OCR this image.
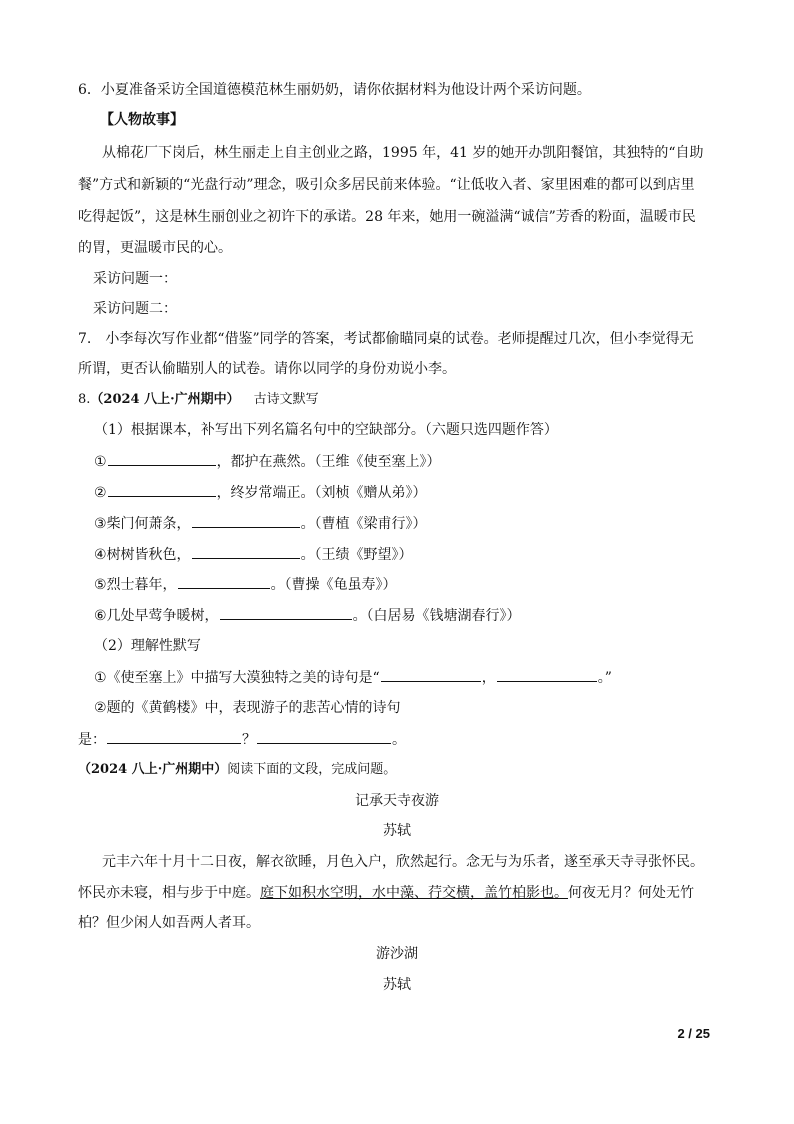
6．小夏准备采访全国道德模范林生丽奶奶，请你依据材料为他设计两个采访问题。
【人物故事】
从棉花厂下岗后，林生丽走上自主创业之路，1995 年，41 岁的她开办凯阳餐馆，其独特的“自助
餐”方式和新颖的“光盘行动”理念，吸引众多居民前来体验。“让低收入者、家里困难的都可以到店里
吃得起饭”，这是林生丽创业之初许下的承诺。28 年来，她用一碗溢满“诚信”芳香的粉面，温暖市民
的胃，更温暖市民的心。
采访问题一：
采访问题二：
7.　小李每次写作业都“借鉴”同学的答案，考试都偷瞄同桌的试卷。老师提醒过几次，但小李觉得无
所谓，更否认偷瞄别人的试卷。请你以同学的身份劝说小李。
8.（2024 八上·广州期中） 古诗文默写
（1）根据课本，补写出下列名篇名句中的空缺部分。（六题只选四题作答）
①	，都护在燕然。（王维《使至塞上》）
②	，终岁常端正。（刘桢《赠从弟》）
③柴门何萧条，	。（曹植《梁甫行》）
④树树皆秋色，	。（王绩《野望》）
⑤烈士暮年，	。（曹操《龟虽寿》）
⑥几处早莺争暖树，	。（白居易《钱塘湖春行》）
（2）理解性默写
①《使至塞上》中描写大漠独特之美的诗句是“	，	。”
②题的《黄鹤楼》中，表现游子的悲苦心情的诗句
是：	？	。
（2024 八上·广州期中）阅读下面的文段，完成问题。
记承天寺夜游
苏轼
元丰六年十月十二日夜，解衣欲睡，月色入户，欣然起行。念无与为乐者，遂至承天寺寻张怀民。
怀民亦未寝，相与步于中庭。庭下如积水空明，水中藻、荇交横，盖竹柏影也。何夜无月？何处无竹
柏？但少闲人如吾两人者耳。
游沙湖
苏轼
2 / 25
